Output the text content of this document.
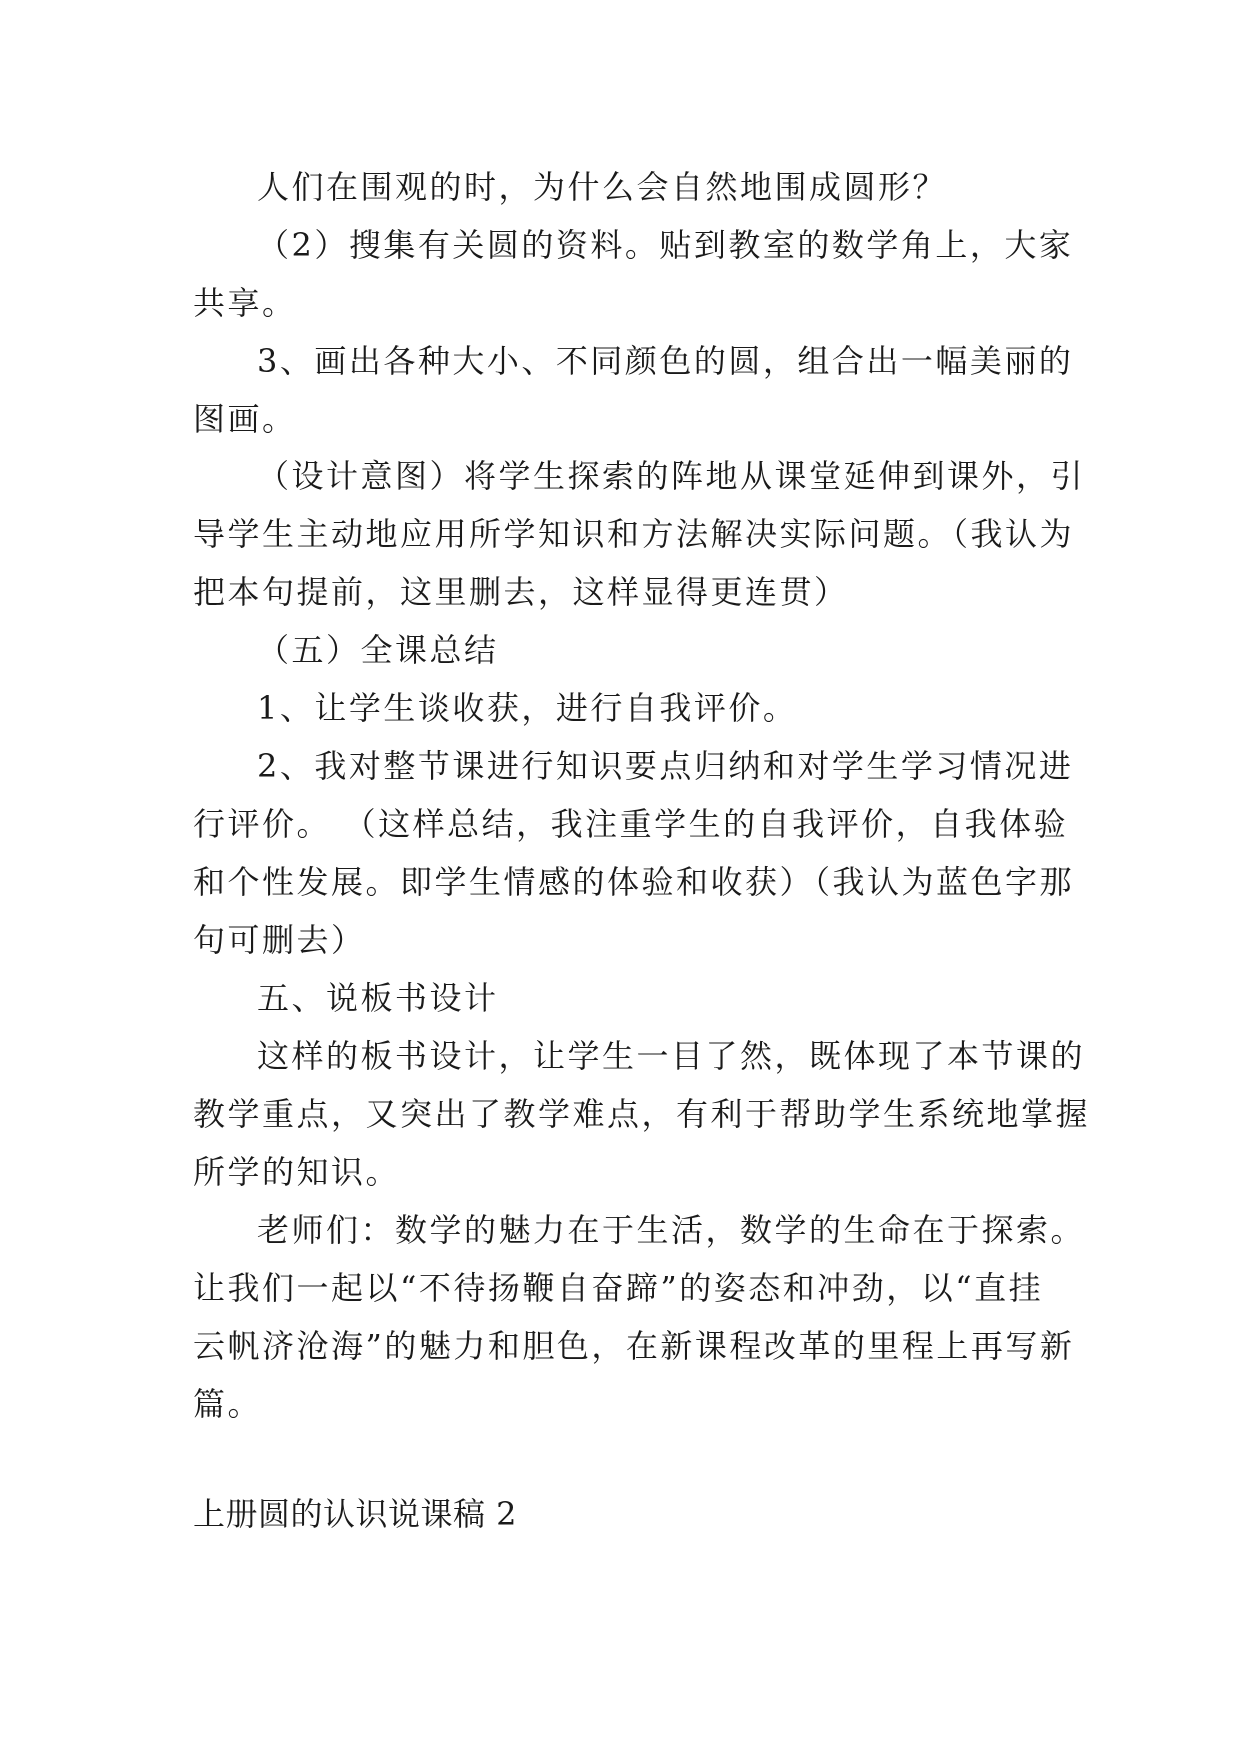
人们在围观的时，为什么会自然地围成圆形？

（2）搜集有关圆的资料。贴到教室的数学角上，大家

共享。

3、画出各种大小、不同颜色的圆，组合出一幅美丽的

图画。

（设计意图）将学生探索的阵地从课堂延伸到课外，引

导学生主动地应用所学知识和方法解决实际问题。（我认为

把本句提前，这里删去，这样显得更连贯）

（五）全课总结

1、让学生谈收获，进行自我评价。

2、我对整节课进行知识要点归纳和对学生学习情况进

行评价。 （这样总结，我注重学生的自我评价，自我体验

和个性发展。即学生情感的体验和收获）（我认为蓝色字那

句可删去）

五、说板书设计

这样的板书设计，让学生一目了然，既体现了本节课的

教学重点，又突出了教学难点，有利于帮助学生系统地掌握

所学的知识。

老师们：数学的魅力在于生活，数学的生命在于探索。

让我们一起以“不待扬鞭自奋蹄”的姿态和冲劲，以“直挂

云帆济沧海”的魅力和胆色，在新课程改革的里程上再写新

篇。

上册圆的认识说课稿 2
